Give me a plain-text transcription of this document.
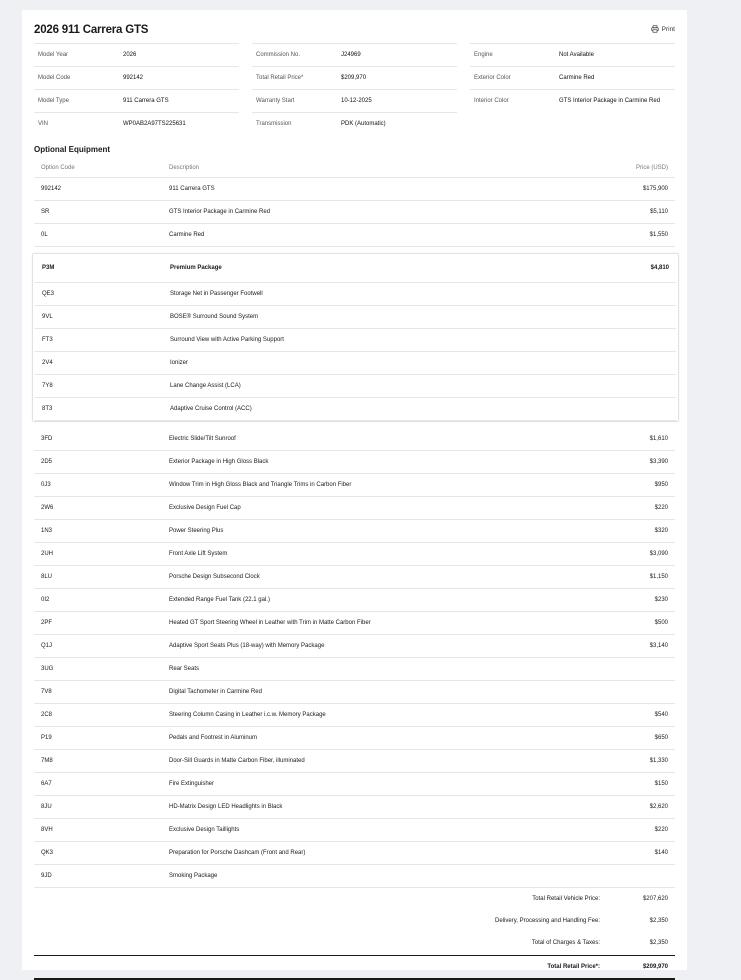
2026 911 Carrera GTS	Print
Model Year	2026
Model Code	992142
Model Type	911 Carrera GTS
VIN	WP0AB2A97TS225631
Commission No.	J24969
Total Retail Price*	$209,970
Warranty Start	10-12-2025
Transmission	PDK (Automatic)
Engine	Not Available
Exterior Color	Carmine Red
Interior Color	GTS Interior Package in Carmine Red
Optional Equipment
Option Code	Description	Price (USD)
992142	911 Carrera GTS	$175,900
SR	GTS Interior Package in Carmine Red	$5,110
0L	Carmine Red	$1,550
P3M	Premium Package	$4,810
QE3	Storage Net in Passenger Footwell
9VL	BOSE® Surround Sound System
FT3	Surround View with Active Parking Support
2V4	Ionizer
7Y8	Lane Change Assist (LCA)
8T3	Adaptive Cruise Control (ACC)
3FD	Electric Slide/Tilt Sunroof	$1,610
2D5	Exterior Package in High Gloss Black	$3,390
0J3	Window Trim in High Gloss Black and Triangle Trims in Carbon Fiber	$950
2W6	Exclusive Design Fuel Cap	$220
1N3	Power Steering Plus	$320
2UH	Front Axle Lift System	$3,090
8LU	Porsche Design Subsecond Clock	$1,150
0I2	Extended Range Fuel Tank (22.1 gal.)	$230
2PF	Heated GT Sport Steering Wheel in Leather with Trim in Matte Carbon Fiber	$500
Q1J	Adaptive Sport Seats Plus (18-way) with Memory Package	$3,140
3UG	Rear Seats
7V8	Digital Tachometer in Carmine Red
2C8	Steering Column Casing in Leather i.c.w. Memory Package	$540
P19	Pedals and Footrest in Aluminum	$650
7M8	Door-Sill Guards in Matte Carbon Fiber, illuminated	$1,330
6A7	Fire Extinguisher	$150
8JU	HD-Matrix Design LED Headlights in Black	$2,620
8VH	Exclusive Design Taillights	$220
QK3	Preparation for Porsche Dashcam (Front and Rear)	$140
9JD	Smoking Package
Total Retail Vehicle Price:	$207,620
Delivery, Processing and Handling Fee:	$2,350
Total of Charges & Taxes:	$2,350
Total Retail Price*:	$209,970
